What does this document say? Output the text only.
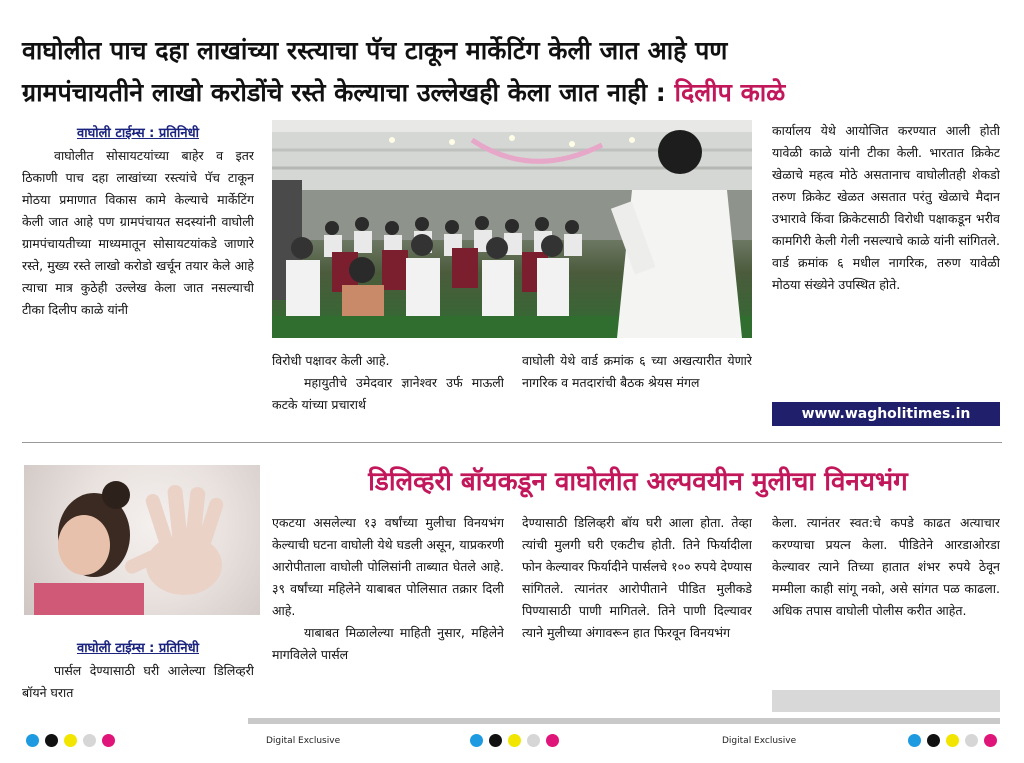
वाघोलीत पाच दहा लाखांच्या रस्त्याचा पॅच टाकून मार्केटिंग केली जात आहे पण
ग्रामपंचायतीने लाखो करोडोंचे रस्ते केल्याचा उल्लेखही केला जात नाही : दिलीप काळे
वाघोली टाईम्स : प्रतिनिधी

वाघोलीत सोसायटयांच्या बाहेर व इतर ठिकाणी पाच दहा लाखांच्या रस्त्यांचे पॅच टाकून मोठया प्रमाणात विकास कामे केल्याचे मार्केटिंग केली जात आहे पण ग्रामपंचायत सदस्यांनी वाघोली ग्रामपंचायतीच्या माध्यमातून सोसायटयांकडे जाणारे रस्ते, मुख्य रस्ते लाखो करोडो खर्चून तयार केले आहे त्याचा मात्र कुठेही उल्लेख केला जात नसल्याची टीका दिलीप काळे यांनी

विरोधी पक्षावर केली आहे.

महायुतीचे उमेदवार ज्ञानेश्वर उर्फ माऊली कटके यांच्या प्रचारार्थ

वाघोली येथे वार्ड क्रमांक ६ च्या अखत्यारीत येणारे नागरिक व मतदारांची बैठक श्रेयस मंगल

कार्यालय येथे आयोजित करण्यात आली होती यावेळी काळे यांनी टीका केली. भारतात क्रिकेट खेळाचे महत्व मोठे असतानाच वाघोलीतही शेकडो तरुण क्रिकेट खेळत असतात परंतु खेळाचे मैदान उभारावे किंवा क्रिकेटसाठी विरोधी पक्षाकडून भरीव कामगिरी केली गेली नसल्याचे काळे यांनी सांगितले. वार्ड क्रमांक ६ मधील नागरिक, तरुण यावेळी मोठया संख्येने उपस्थित होते.

www.wagholitimes.in
वाघोली टाईम्स : प्रतिनिधी

पार्सल देण्यासाठी घरी आलेल्या डिलिव्हरी बॉयने घरात

डिलिव्हरी बॉयकडून वाघोलीत अल्पवयीन मुलीचा विनयभंग

एकटया असलेल्या १३ वर्षांच्या मुलीचा विनयभंग केल्याची घटना वाघोली येथे घडली असून, याप्रकरणी आरोपीताला वाघोली पोलिसांनी ताब्यात घेतले आहे. ३९ वर्षांच्या महिलेने याबाबत पोलिसात तक्रार दिली आहे.

याबाबत मिळालेल्या माहिती नुसार, महिलेने मागविलेले पार्सल

देण्यासाठी डिलिव्हरी बॉय घरी आला होता. तेव्हा त्यांची मुलगी घरी एकटीच होती. तिने फिर्यादीला फोन केल्यावर फिर्यादीने पार्सलचे १०० रुपये देण्यास सांगितले. त्यानंतर आरोपीताने पीडित मुलीकडे पिण्यासाठी पाणी मागितले. तिने पाणी दिल्यावर त्याने मुलीच्या अंगावरून हात फिरवून विनयभंग

केला. त्यानंतर स्वत:चे कपडे काढत अत्याचार करण्याचा प्रयत्न केला. पीडितेने आरडाओरडा केल्यावर त्याने तिच्या हातात शंभर रुपये ठेवून मम्मीला काही सांगू नको, असे सांगत पळ काढला. अधिक तपास वाघोली पोलीस करीत आहेत.

Digital Exclusive	Digital Exclusive
